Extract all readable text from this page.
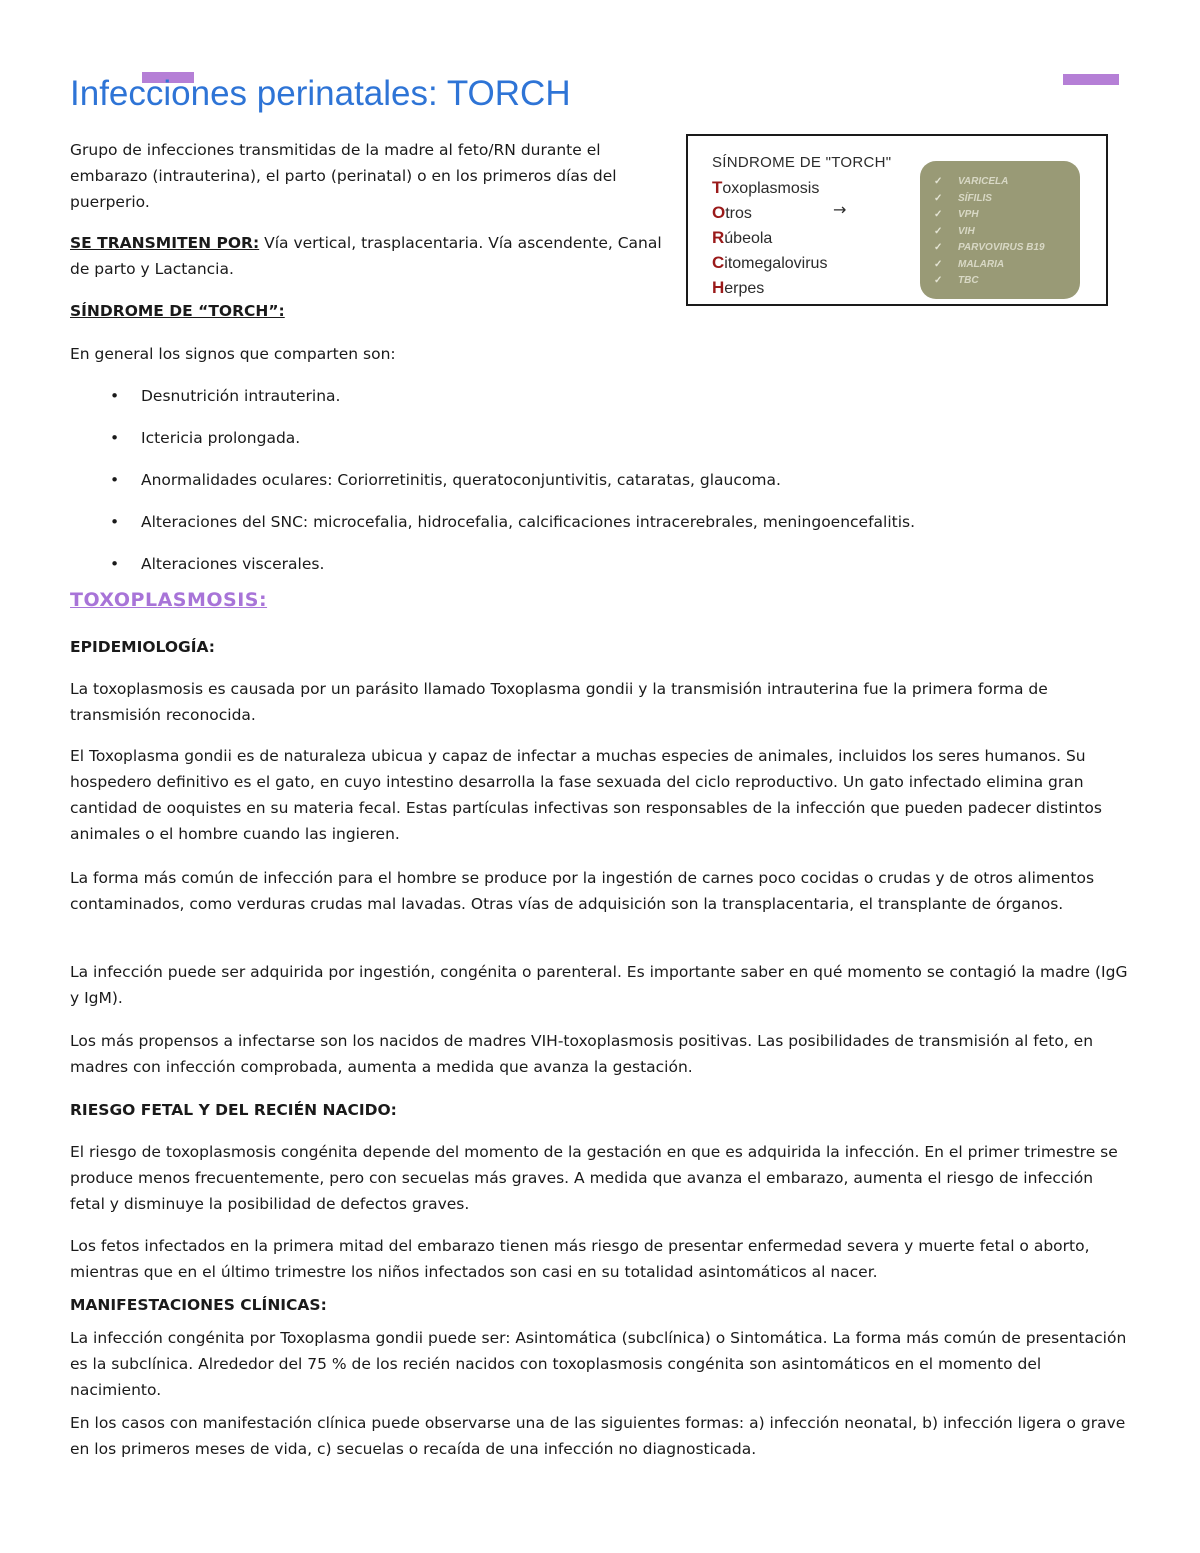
Infecciones perinatales: TORCH

Grupo de infecciones transmitidas de la madre al feto/RN durante el embarazo (intrauterina), el parto (perinatal) o en los primeros días del puerperio.

SE TRANSMITEN POR: Vía vertical, trasplacentaria. Vía ascendente, Canal de parto y Lactancia.

SÍNDROME DE “TORCH”:

En general los signos que comparten son:

• Desnutrición intrauterina.
• Ictericia prolongada.
• Anormalidades oculares: Coriorretinitis, queratoconjuntivitis, cataratas, glaucoma.
• Alteraciones del SNC: microcefalia, hidrocefalia, calcificaciones intracerebrales, meningoencefalitis.
• Alteraciones viscerales.
SÍNDROME DE "TORCH"
Toxoplasmosis
Otros
Rúbeola
Citomegalovirus
Herpes
→
✓ VARICELA
✓ SÍFILIS
✓ VPH
✓ VIH
✓ PARVOVIRUS B19
✓ MALARIA
✓ TBC
TOXOPLASMOSIS:

EPIDEMIOLOGÍA:

La toxoplasmosis es causada por un parásito llamado Toxoplasma gondii y la transmisión intrauterina fue la primera forma de transmisión reconocida.

El Toxoplasma gondii es de naturaleza ubicua y capaz de infectar a muchas especies de animales, incluidos los seres humanos. Su hospedero definitivo es el gato, en cuyo intestino desarrolla la fase sexuada del ciclo reproductivo. Un gato infectado elimina gran cantidad de ooquistes en su materia fecal. Estas partículas infectivas son responsables de la infección que pueden padecer distintos animales o el hombre cuando las ingieren.

La forma más común de infección para el hombre se produce por la ingestión de carnes poco cocidas o crudas y de otros alimentos contaminados, como verduras crudas mal lavadas. Otras vías de adquisición son la transplacentaria, el transplante de órganos.

La infección puede ser adquirida por ingestión, congénita o parenteral. Es importante saber en qué momento se contagió la madre (IgG y IgM).

Los más propensos a infectarse son los nacidos de madres VIH-toxoplasmosis positivas. Las posibilidades de transmisión al feto, en madres con infección comprobada, aumenta a medida que avanza la gestación.

RIESGO FETAL Y DEL RECIÉN NACIDO:

El riesgo de toxoplasmosis congénita depende del momento de la gestación en que es adquirida la infección. En el primer trimestre se produce menos frecuentemente, pero con secuelas más graves. A medida que avanza el embarazo, aumenta el riesgo de infección fetal y disminuye la posibilidad de defectos graves.

Los fetos infectados en la primera mitad del embarazo tienen más riesgo de presentar enfermedad severa y muerte fetal o aborto, mientras que en el último trimestre los niños infectados son casi en su totalidad asintomáticos al nacer.

MANIFESTACIONES CLÍNICAS:

La infección congénita por Toxoplasma gondii puede ser: Asintomática (subclínica) o Sintomática. La forma más común de presentación es la subclínica. Alrededor del 75 % de los recién nacidos con toxoplasmosis congénita son asintomáticos en el momento del nacimiento.

En los casos con manifestación clínica puede observarse una de las siguientes formas: a) infección neonatal, b) infección ligera o grave en los primeros meses de vida, c) secuelas o recaída de una infección no diagnosticada.
